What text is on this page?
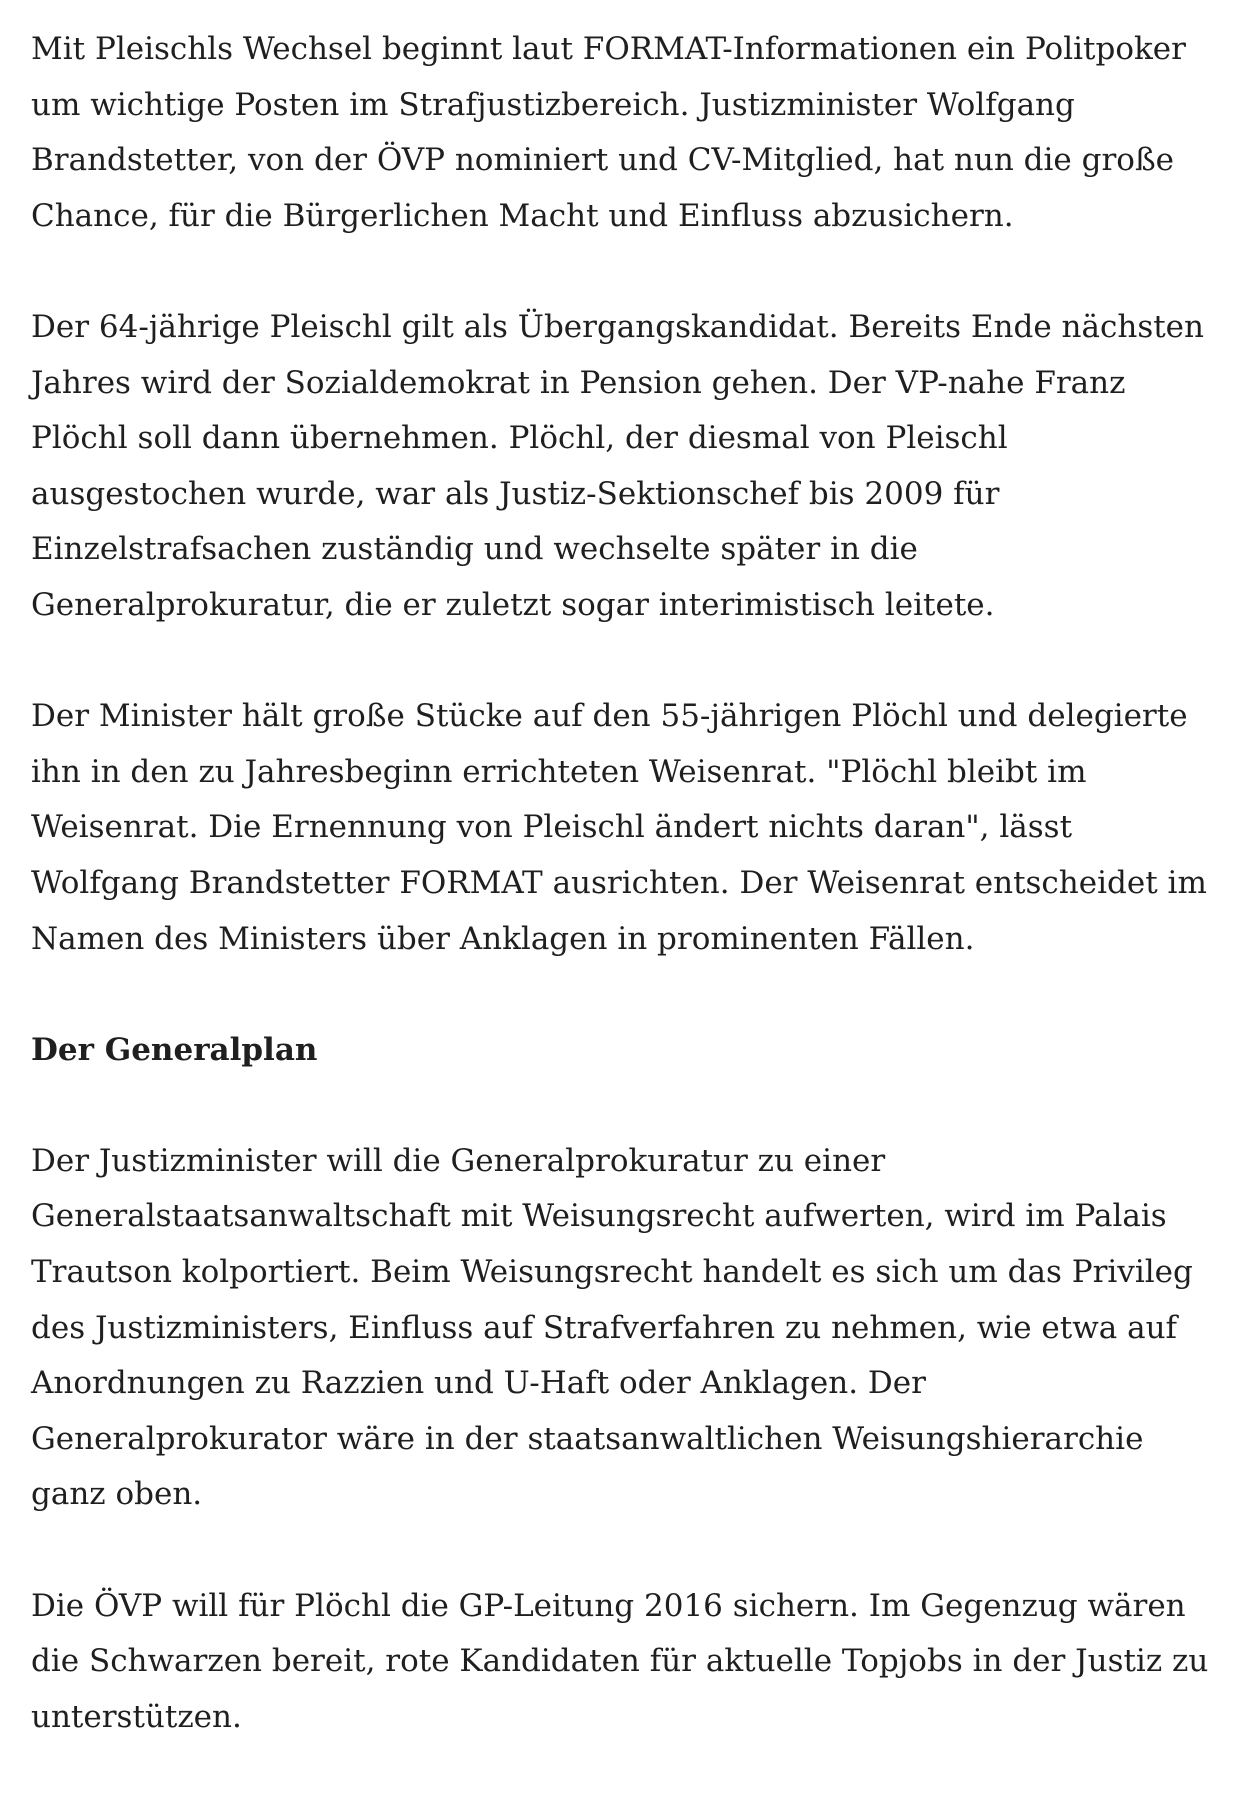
Mit Pleischls Wechsel beginnt laut FORMAT-Informationen ein Politpoker um wichtige Posten im Strafjustizbereich. Justizminister Wolfgang Brandstetter, von der ÖVP nominiert und CV-Mitglied, hat nun die große Chance, für die Bürgerlichen Macht und Einfluss abzusichern.

Der 64-jährige Pleischl gilt als Übergangskandidat. Bereits Ende nächsten Jahres wird der Sozialdemokrat in Pension gehen. Der VP-nahe Franz Plöchl soll dann übernehmen. Plöchl, der diesmal von Pleischl ausgestochen wurde, war als Justiz-Sektionschef bis 2009 für Einzelstrafsachen zuständig und wechselte später in die Generalprokuratur, die er zuletzt sogar interimistisch leitete.

Der Minister hält große Stücke auf den 55-jährigen Plöchl und delegierte ihn in den zu Jahresbeginn errichteten Weisenrat. "Plöchl bleibt im Weisenrat. Die Ernennung von Pleischl ändert nichts daran", lässt Wolfgang Brandstetter FORMAT ausrichten. Der Weisenrat entscheidet im Namen des Ministers über Anklagen in prominenten Fällen.

Der Generalplan

Der Justizminister will die Generalprokuratur zu einer Generalstaatsanwaltschaft mit Weisungsrecht aufwerten, wird im Palais Trautson kolportiert. Beim Weisungsrecht handelt es sich um das Privileg des Justizministers, Einfluss auf Strafverfahren zu nehmen, wie etwa auf Anordnungen zu Razzien und U-Haft oder Anklagen. Der Generalprokurator wäre in der staatsanwaltlichen Weisungshierarchie ganz oben.

Die ÖVP will für Plöchl die GP-Leitung 2016 sichern. Im Gegenzug wären die Schwarzen bereit, rote Kandidaten für aktuelle Topjobs in der Justiz zu unterstützen.
